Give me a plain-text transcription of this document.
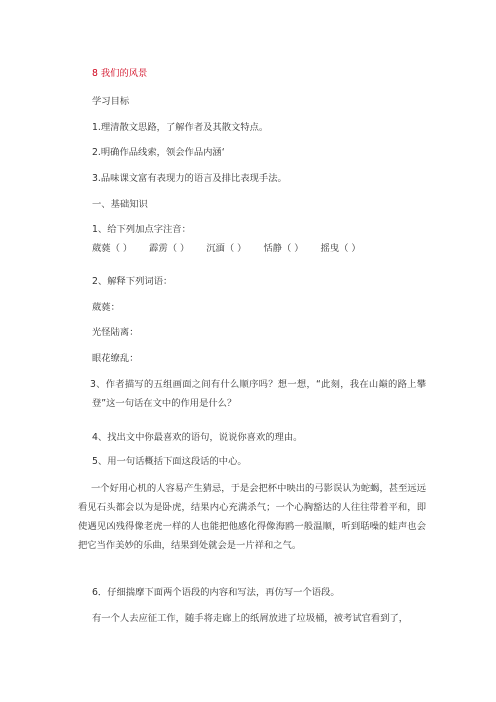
8 我们的风景
学习目标
1.理清散文思路，了解作者及其散文特点。
2.明确作品线索，领会作品内涵‘
3.品味课文富有表现力的语言及排比表现手法。
一、基础知识
1、给下列加点字注音：
葳蕤（ ） 霹雳（ ） 沉湎（ ） 恬静（ ） 摇曳（ ）
2、解释下列词语：
葳蕤：
光怪陆离：
眼花缭乱：
3、作者描写的五组画面之间有什么顺序吗？想一想，“此刻，我在山巅的路上攀登”这一句话在文中的作用是什么？
4、找出文中你最喜欢的语句，说说你喜欢的理由。
5、用一句话概括下面这段话的中心。
一个好用心机的人容易产生猜忌，于是会把杯中映出的弓影误认为蛇蝎，甚至远远看见石头都会以为是卧虎，结果内心充满杀气；一个心胸豁达的人往往带着平和，即使遇见凶残得像老虎一样的人也能把他感化得像海鸥一般温顺，听到聒噪的蛙声也会把它当作美妙的乐曲，结果到处就会是一片祥和之气。
6．仔细揣摩下面两个语段的内容和写法，再仿写一个语段。
有一个人去应征工作，随手将走廊上的纸屑放进了垃圾桶，被考试官看到了，
